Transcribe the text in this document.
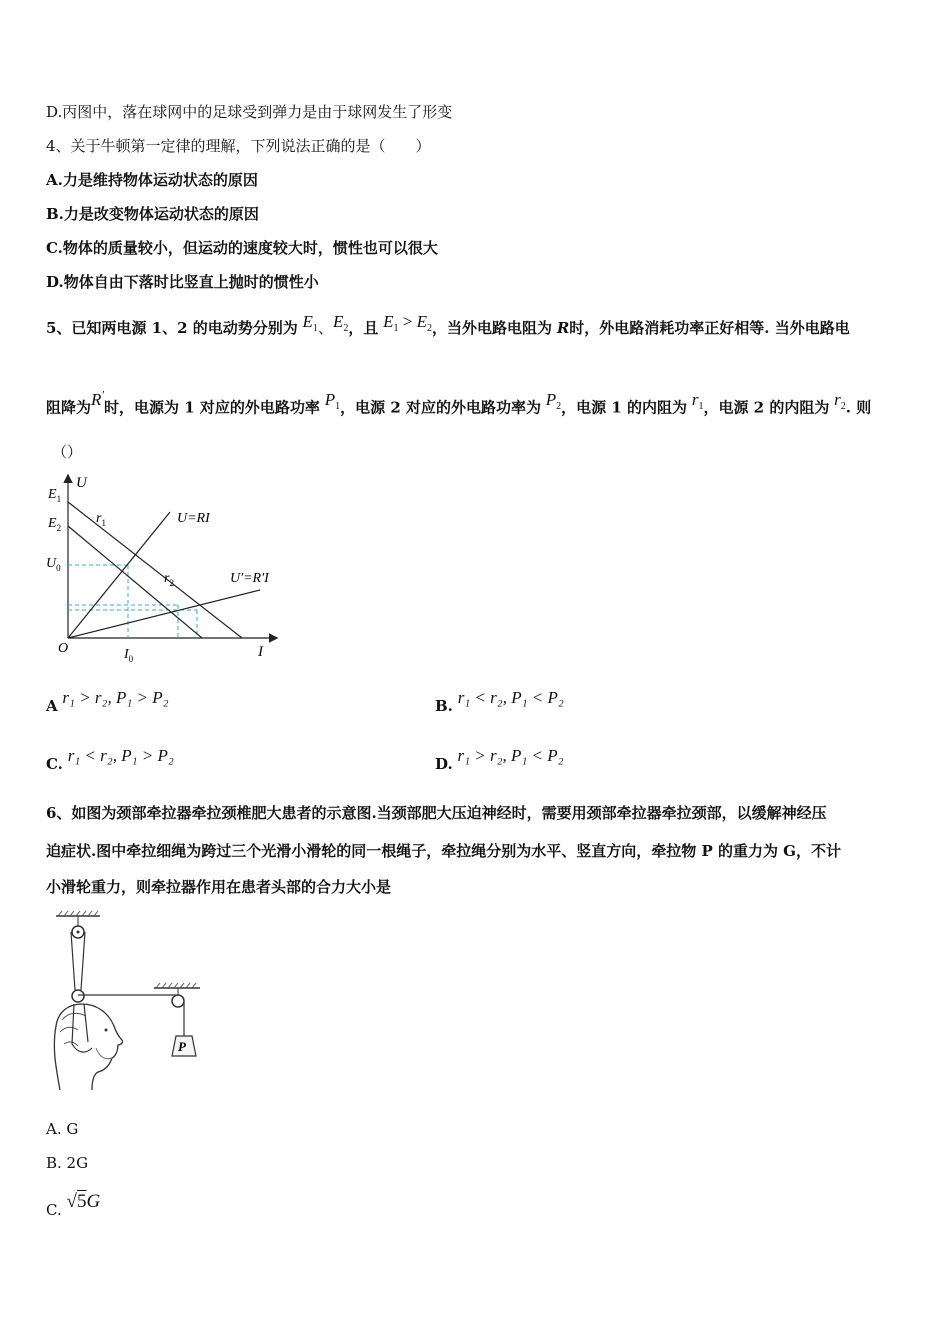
D.丙图中，落在球网中的足球受到弹力是由于球网发生了形变
4、关于牛顿第一定律的理解，下列说法正确的是（　　）
A.力是维持物体运动状态的原因
B.力是改变物体运动状态的原因
C.物体的质量较小，但运动的速度较大时，惯性也可以很大
D.物体自由下落时比竖直上抛时的惯性小
5、已知两电源 1、2 的电动势分别为 $E_1$、$E_2$，且 $E_1 > E_2$，当外电路电阻为 R时，外电路消耗功率正好相等. 当外电路电
阻降为R′时，电源为 1 对应的外电路功率 $P_1$，电源 2 对应的外电路功率为 $P_2$，电源 1 的内阻为 $r_1$，电源 2 的内阻为 $r_2$. 则
（）
U
I
O
$E_1$
$E_2$
$U_0$
$I_0$
$r_1$
$r_2$
U=RI
U'=R'I
A r₁ > r₂, P₁ > P₂	B. r₁ < r₂, P₁ < P₂
C. r₁ < r₂, P₁ > P₂	D. r₁ > r₂, P₁ < P₂
6、如图为颈部牵拉器牵拉颈椎肥大患者的示意图.当颈部肥大压迫神经时，需要用颈部牵拉器牵拉颈部，以缓解神经压
迫症状.图中牵拉细绳为跨过三个光滑小滑轮的同一根绳子，牵拉绳分别为水平、竖直方向，牵拉物 P 的重力为 G，不计
小滑轮重力，则牵拉器作用在患者头部的合力大小是
P
A. G
B. 2G
C. √5G
